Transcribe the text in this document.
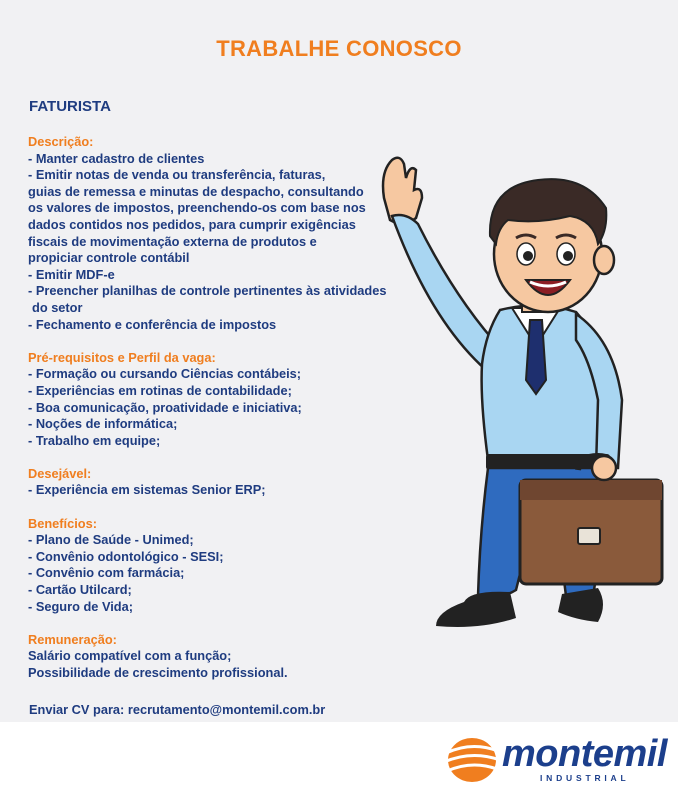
TRABALHE CONOSCO
FATURISTA
Descrição:
- Manter cadastro de clientes
- Emitir notas de venda ou transferência, faturas,
guias de remessa e minutas de despacho, consultando
os valores de impostos, preenchendo-os com base nos
dados contidos nos pedidos, para cumprir exigências
fiscais de movimentação externa de produtos e
propiciar controle contábil
- Emitir MDF-e
- Preencher planilhas de controle pertinentes às atividades
do setor
- Fechamento e conferência de impostos
Pré-requisitos e Perfil da vaga:
- Formação ou cursando Ciências contábeis;
- Experiências em rotinas de contabilidade;
- Boa comunicação, proatividade e iniciativa;
- Noções de informática;
- Trabalho em equipe;
Desejável:
- Experiência em sistemas Senior ERP;
Benefícios:
- Plano de Saúde - Unimed;
- Convênio odontológico - SESI;
- Convênio com farmácia;
- Cartão Utilcard;
- Seguro de Vida;
Remuneração:
Salário compatível com a função;
Possibilidade de crescimento profissional.
Enviar CV para: recrutamento@montemil.com.br
montemil
INDUSTRIAL
